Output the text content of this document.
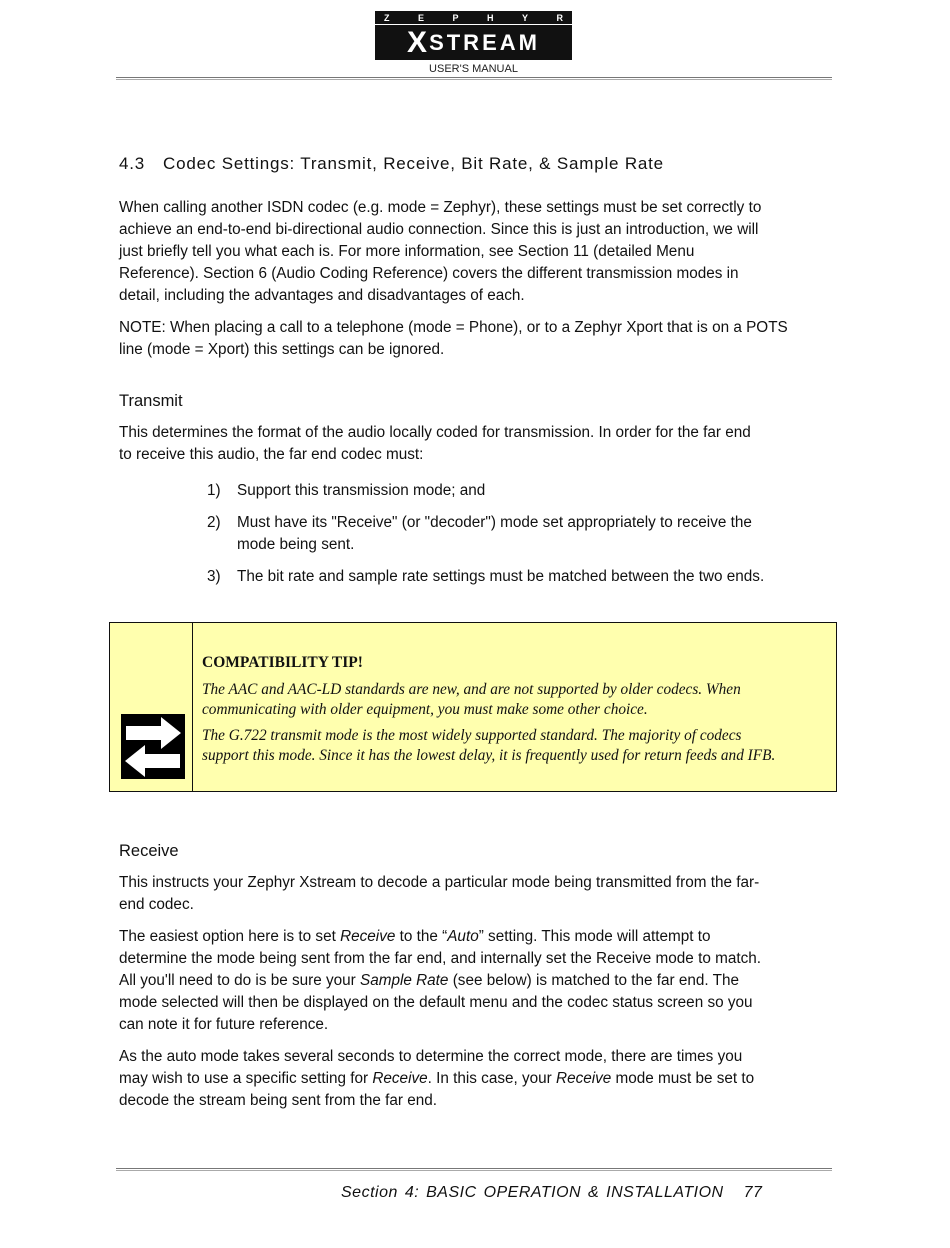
Z	E	P	H	Y	R
X STREAM
USER'S MANUAL
4.3 Codec Settings: Transmit, Receive, Bit Rate, & Sample Rate
When calling another ISDN codec (e.g. mode = Zephyr), these settings must be set correctly to
achieve an end-to-end bi-directional audio connection. Since this is just an introduction, we will
just briefly tell you what each is. For more information, see Section 11 (detailed Menu
Reference). Section 6 (Audio Coding Reference) covers the different transmission modes in
detail, including the advantages and disadvantages of each.
NOTE: When placing a call to a telephone (mode = Phone), or to a Zephyr Xport that is on a POTS
line (mode = Xport) this settings can be ignored.
Transmit
This determines the format of the audio locally coded for transmission. In order for the far end
to receive this audio, the far end codec must:
1) Support this transmission mode; and
2) Must have its "Receive" (or "decoder") mode set appropriately to receive the
mode being sent.
3) The bit rate and sample rate settings must be matched between the two ends.
COMPATIBILITY TIP!
The AAC and AAC-LD standards are new, and are not supported by older codecs. When
communicating with older equipment, you must make some other choice.
The G.722 transmit mode is the most widely supported standard. The majority of codecs
support this mode. Since it has the lowest delay, it is frequently used for return feeds and IFB.
Receive
This instructs your Zephyr Xstream to decode a particular mode being transmitted from the far-
end codec.
The easiest option here is to set Receive to the “Auto” setting. This mode will attempt to
determine the mode being sent from the far end, and internally set the Receive mode to match.
All you'll need to do is be sure your Sample Rate (see below) is matched to the far end. The
mode selected will then be displayed on the default menu and the codec status screen so you
can note it for future reference.
As the auto mode takes several seconds to determine the correct mode, there are times you
may wish to use a specific setting for Receive. In this case, your Receive mode must be set to
decode the stream being sent from the far end.
Section 4: BASIC OPERATION & INSTALLATION 77
